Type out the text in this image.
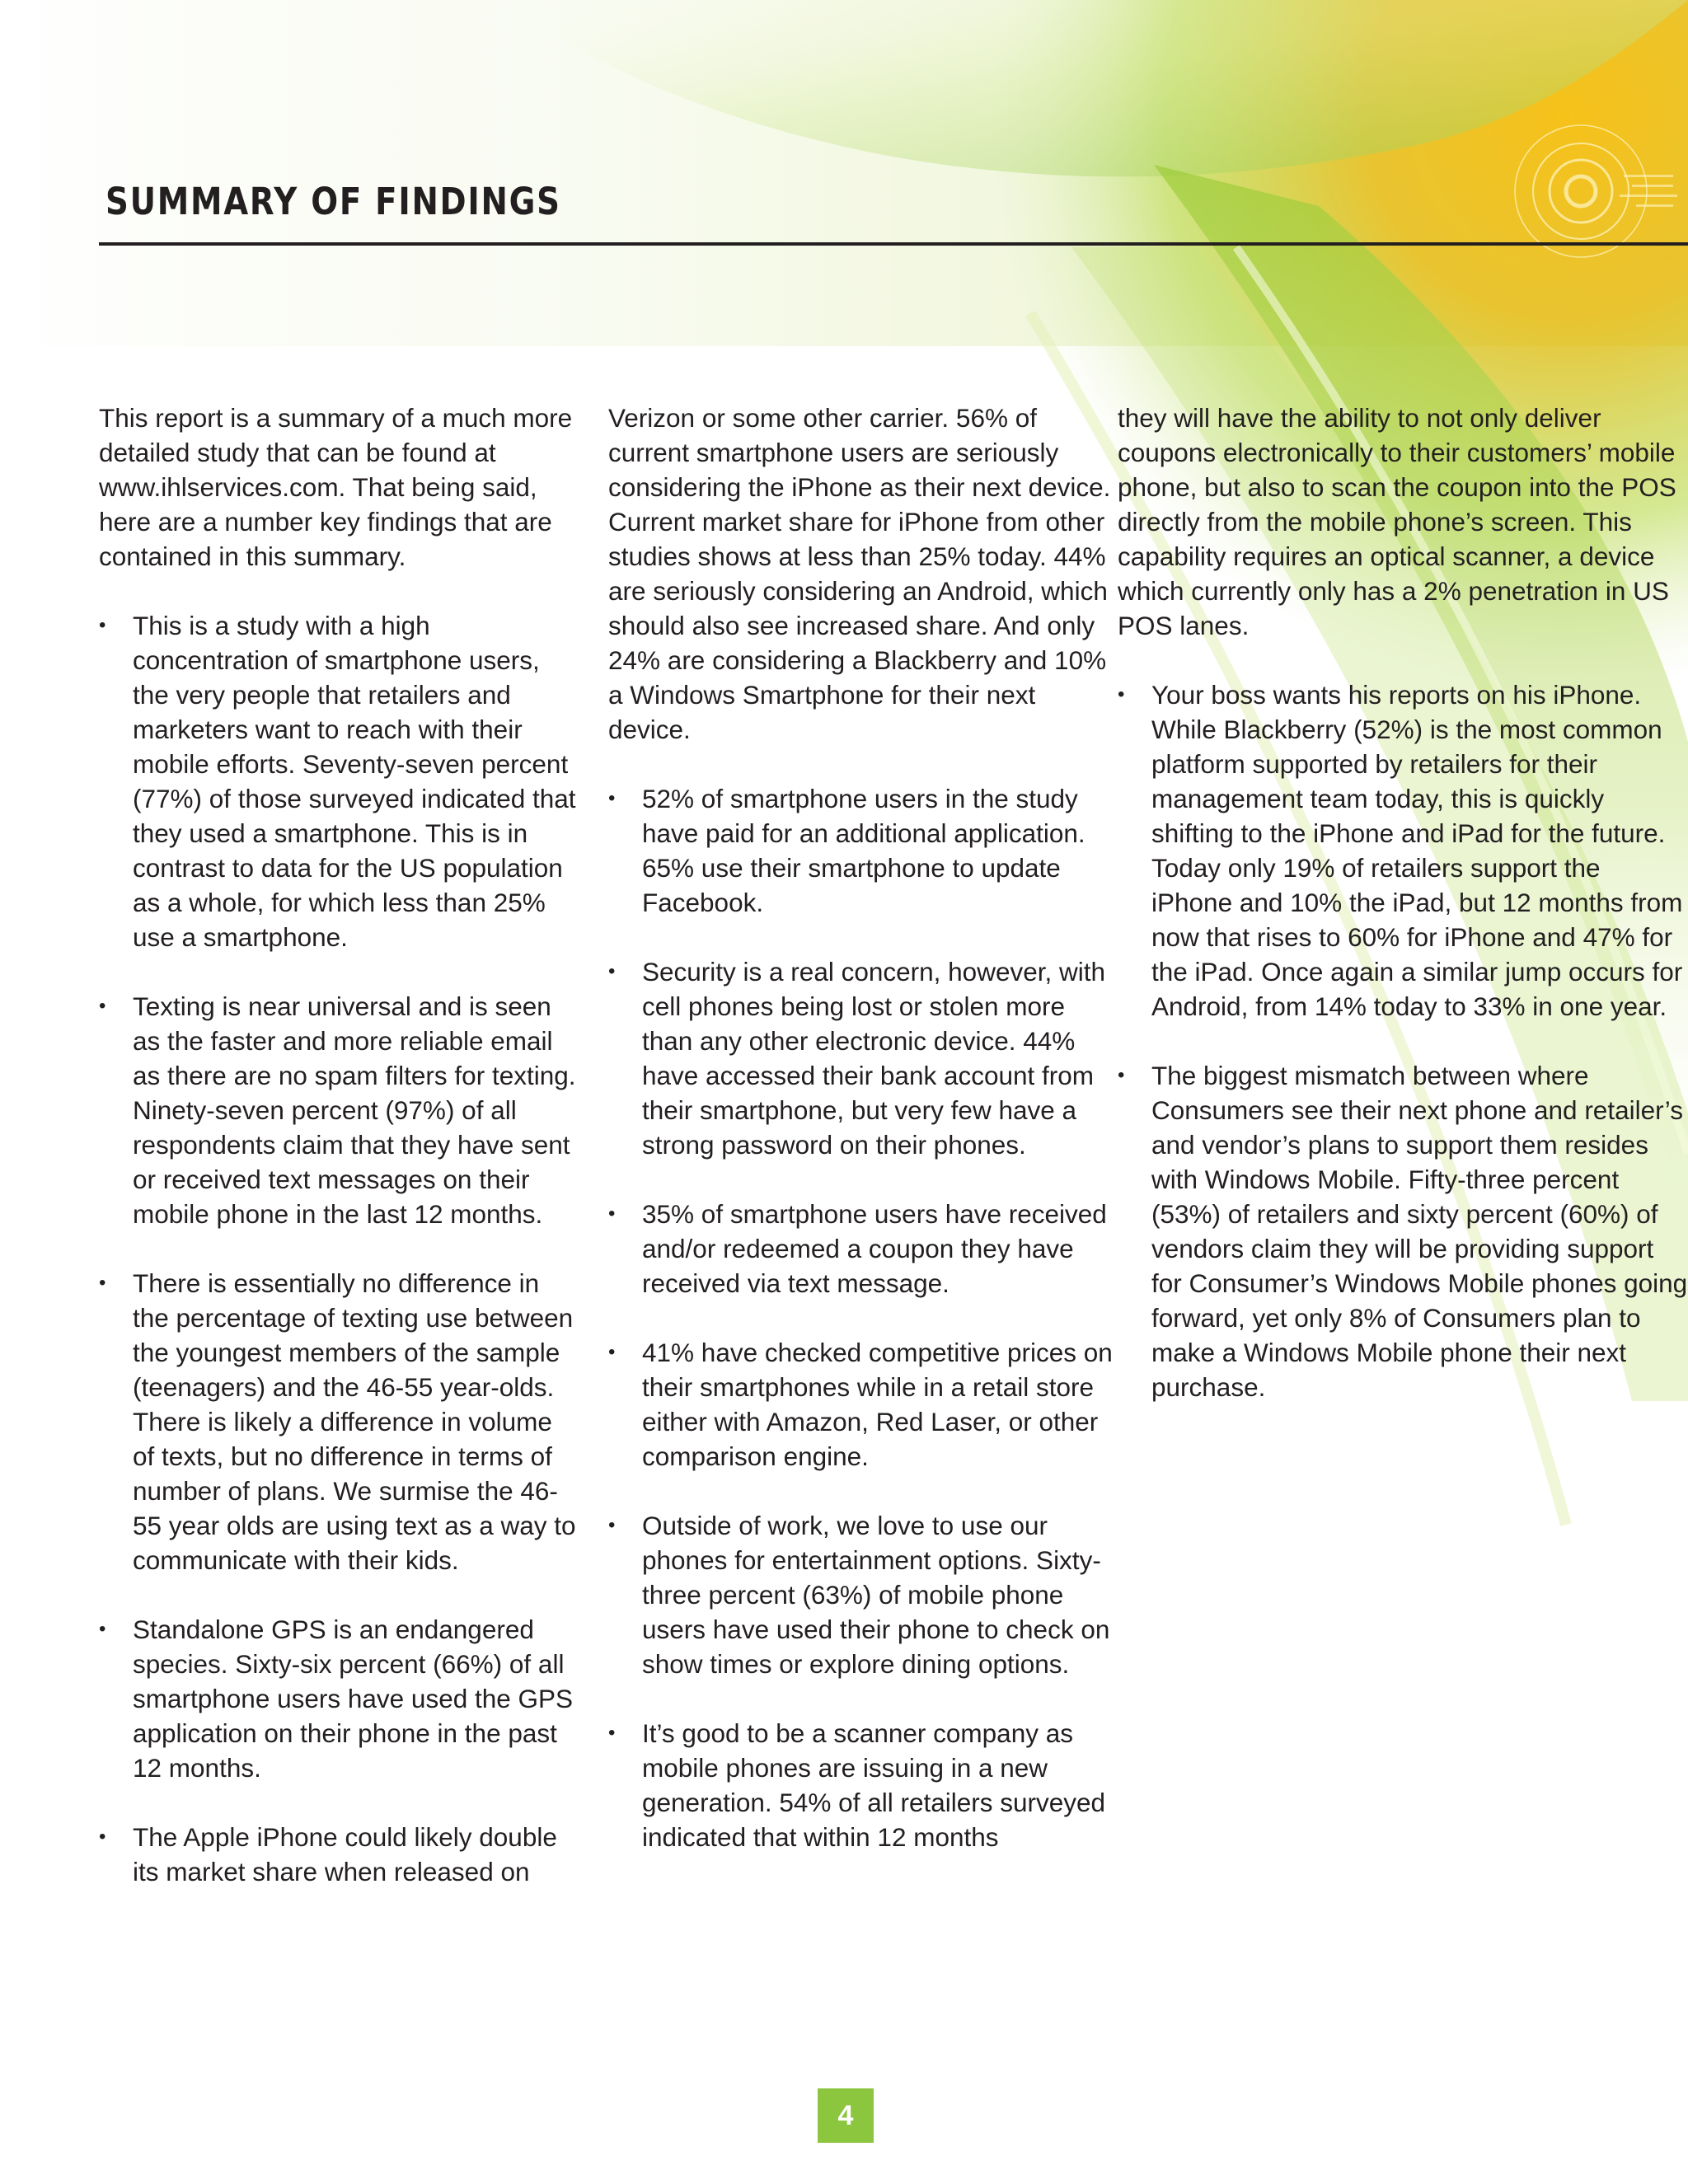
SUMMARY OF FINDINGS

This report is a summary of a much more detailed study that can be found at www.ihlservices.com. That being said, here are a number key findings that are contained in this summary.

• This is a study with a high concentration of smartphone users, the very people that retailers and marketers want to reach with their mobile efforts. Seventy-seven percent (77%) of those surveyed indicated that they used a smartphone. This is in contrast to data for the US population as a whole, for which less than 25% use a smartphone.
• Texting is near universal and is seen as the faster and more reliable email as there are no spam filters for texting. Ninety-seven percent (97%) of all respondents claim that they have sent or received text messages on their mobile phone in the last 12 months.
• There is essentially no difference in the percentage of texting use between the youngest members of the sample (teenagers) and the 46-55 year-olds. There is likely a difference in volume of texts, but no difference in terms of number of plans. We surmise the 46-55 year olds are using text as a way to communicate with their kids.
• Standalone GPS is an endangered species. Sixty-six percent (66%) of all smartphone users have used the GPS application on their phone in the past 12 months.
• The Apple iPhone could likely double its market share when released on

Verizon or some other carrier. 56% of current smartphone users are seriously considering the iPhone as their next device. Current market share for iPhone from other studies shows at less than 25% today. 44% are seriously considering an Android, which should also see increased share. And only 24% are considering a Blackberry and 10% a Windows Smartphone for their next device.

• 52% of smartphone users in the study have paid for an additional application. 65% use their smartphone to update Facebook.
• Security is a real concern, however, with cell phones being lost or stolen more than any other electronic device. 44% have accessed their bank account from their smartphone, but very few have a strong password on their phones.
• 35% of smartphone users have received and/or redeemed a coupon they have received via text message.
• 41% have checked competitive prices on their smartphones while in a retail store either with Amazon, Red Laser, or other comparison engine.
• Outside of work, we love to use our phones for entertainment options. Sixty-three percent (63%) of mobile phone users have used their phone to check on show times or explore dining options.
• It’s good to be a scanner company as mobile phones are issuing in a new generation. 54% of all retailers surveyed indicated that within 12 months

they will have the ability to not only deliver coupons electronically to their customers’ mobile phone, but also to scan the coupon into the POS directly from the mobile phone’s screen. This capability requires an optical scanner, a device which currently only has a 2% penetration in US POS lanes.

• Your boss wants his reports on his iPhone. While Blackberry (52%) is the most common platform supported by retailers for their management team today, this is quickly shifting to the iPhone and iPad for the future. Today only 19% of retailers support the iPhone and 10% the iPad, but 12 months from now that rises to 60% for iPhone and 47% for the iPad. Once again a similar jump occurs for Android, from 14% today to 33% in one year.
• The biggest mismatch between where Consumers see their next phone and retailer’s and vendor’s plans to support them resides with Windows Mobile. Fifty-three percent (53%) of retailers and sixty percent (60%) of vendors claim they will be providing support for Consumer’s Windows Mobile phones going forward, yet only 8% of Consumers plan to make a Windows Mobile phone their next purchase.
4
